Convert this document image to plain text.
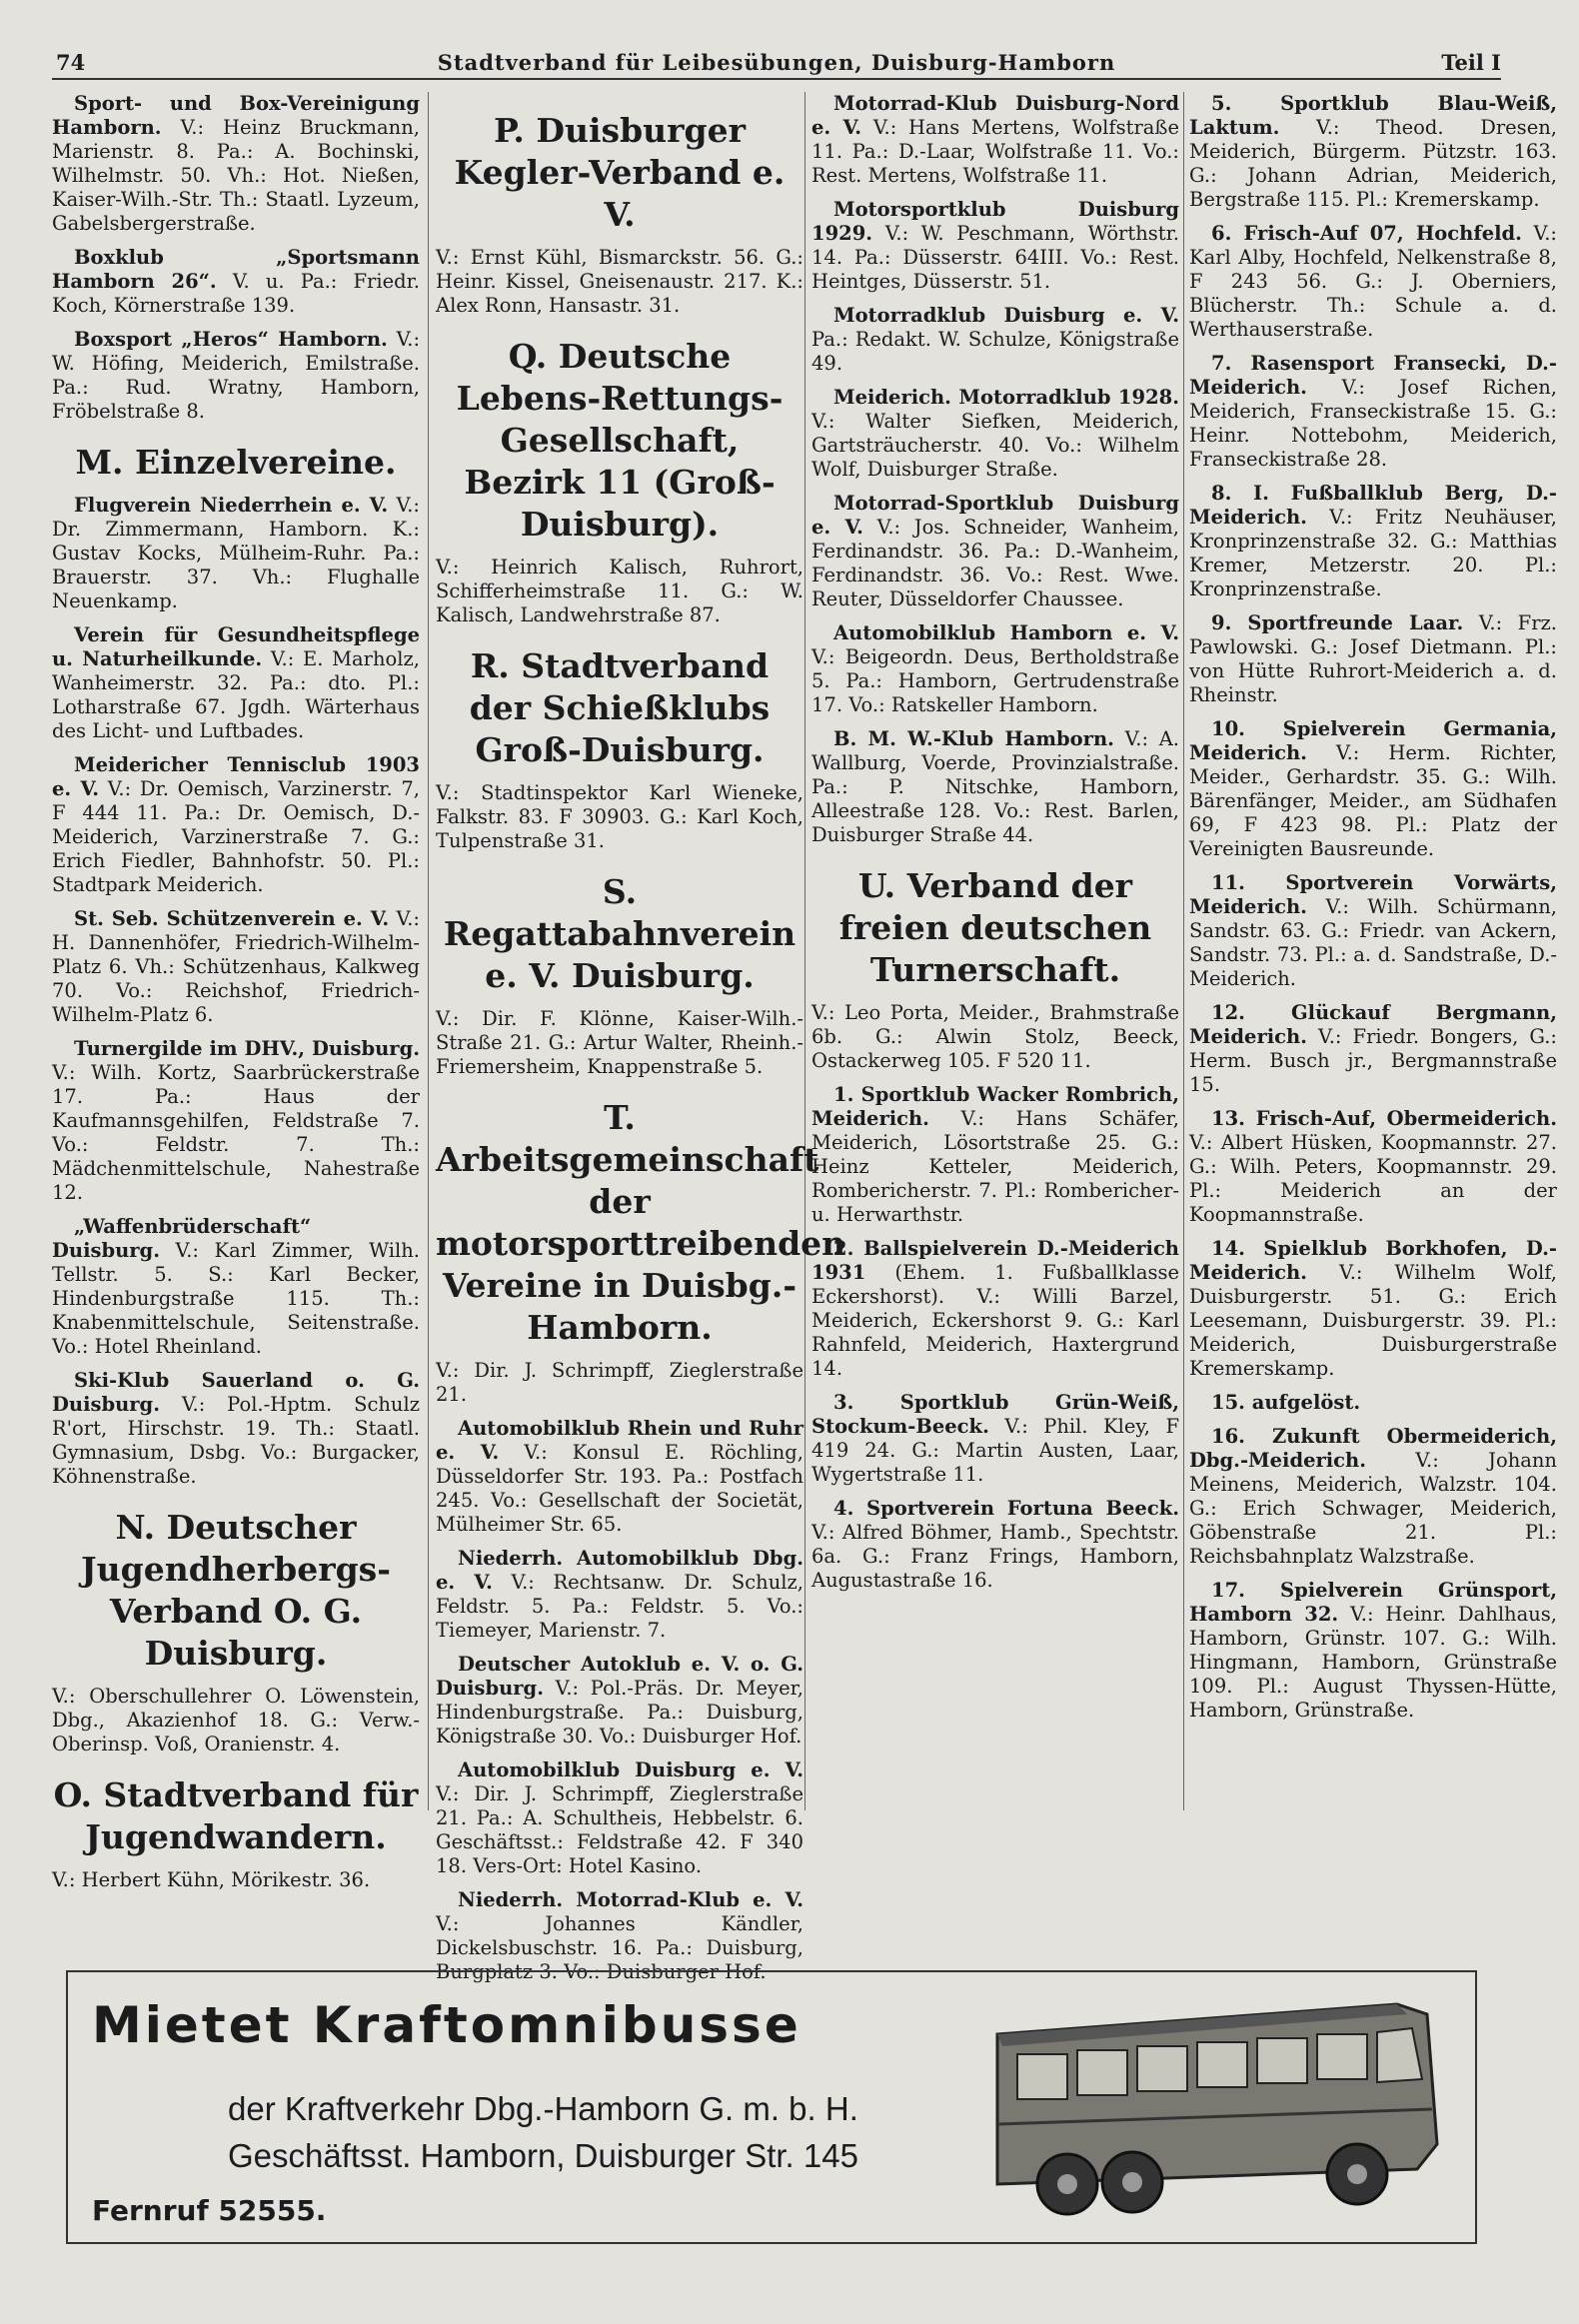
74	Stadtverband für Leibesübungen, Duisburg-Hamborn	Teil I
Sport- und Box-Vereinigung Hamborn. V.: Heinz Bruckmann, Marienstr. 8. Pa.: A. Bochinski, Wilhelmstr. 50. Vh.: Hot. Nießen, Kaiser-Wilh.-Str. Th.: Staatl. Lyzeum, Gabelsbergerstraße.
Boxklub „Sportsmann Hamborn 26“. V. u. Pa.: Friedr. Koch, Körnerstraße 139.
Boxsport „Heros“ Hamborn. V.: W. Höfing, Meiderich, Emilstraße. Pa.: Rud. Wratny, Hamborn, Fröbelstraße 8.
M. Einzelvereine.
Flugverein Niederrhein e. V. V.: Dr. Zimmermann, Hamborn. K.: Gustav Kocks, Mülheim-Ruhr. Pa.: Brauerstr. 37. Vh.: Flughalle Neuenkamp.
Verein für Gesundheitspflege u. Naturheilkunde. V.: E. Marholz, Wanheimerstr. 32. Pa.: dto. Pl.: Lotharstraße 67. Jgdh. Wärterhaus des Licht- und Luftbades.
Meidericher Tennisclub 1903 e. V. V.: Dr. Oemisch, Varzinerstr. 7, F 444 11. Pa.: Dr. Oemisch, D.-Meiderich, Varzinerstraße 7. G.: Erich Fiedler, Bahnhofstr. 50. Pl.: Stadtpark Meiderich.
St. Seb. Schützenverein e. V. V.: H. Dannenhöfer, Friedrich-Wilhelm-Platz 6. Vh.: Schützenhaus, Kalkweg 70. Vo.: Reichshof, Friedrich-Wilhelm-Platz 6.
Turnergilde im DHV., Duisburg. V.: Wilh. Kortz, Saarbrückerstraße 17. Pa.: Haus der Kaufmannsgehilfen, Feldstraße 7. Vo.: Feldstr. 7. Th.: Mädchenmittelschule, Nahestraße 12.
„Waffenbrüderschaft“ Duisburg. V.: Karl Zimmer, Wilh. Tellstr. 5. S.: Karl Becker, Hindenburgstraße 115. Th.: Knabenmittelschule, Seitenstraße. Vo.: Hotel Rheinland.
Ski-Klub Sauerland o. G. Duisburg. V.: Pol.-Hptm. Schulz R'ort, Hirschstr. 19. Th.: Staatl. Gymnasium, Dsbg. Vo.: Burgacker, Köhnenstraße.
N. Deutscher Jugendherbergs-Verband O. G. Duisburg.
V.: Oberschullehrer O. Löwenstein, Dbg., Akazienhof 18. G.: Verw.-Oberinsp. Voß, Oranienstr. 4.
O. Stadtverband für Jugendwandern.
V.: Herbert Kühn, Mörikestr. 36.
P. Duisburger Kegler-Verband e. V.
V.: Ernst Kühl, Bismarckstr. 56. G.: Heinr. Kissel, Gneisenaustr. 217. K.: Alex Ronn, Hansastr. 31.
Q. Deutsche Lebens-Rettungs-Gesellschaft, Bezirk 11 (Groß-Duisburg).
V.: Heinrich Kalisch, Ruhrort, Schifferheimstraße 11. G.: W. Kalisch, Landwehrstraße 87.
R. Stadtverband der Schießklubs Groß-Duisburg.
V.: Stadtinspektor Karl Wieneke, Falkstr. 83. F 30903. G.: Karl Koch, Tulpenstraße 31.
S. Regattabahnverein e. V. Duisburg.
V.: Dir. F. Klönne, Kaiser-Wilh.-Straße 21. G.: Artur Walter, Rheinh.-Friemersheim, Knappenstraße 5.
T. Arbeitsgemeinschaft der motorsporttreibenden Vereine in Duisbg.-Hamborn.
V.: Dir. J. Schrimpff, Zieglerstraße 21.
Automobilklub Rhein und Ruhr e. V. V.: Konsul E. Röchling, Düsseldorfer Str. 193. Pa.: Postfach 245. Vo.: Gesellschaft der Societät, Mülheimer Str. 65.
Niederrh. Automobilklub Dbg. e. V. V.: Rechtsanw. Dr. Schulz, Feldstr. 5. Pa.: Feldstr. 5. Vo.: Tiemeyer, Marienstr. 7.
Deutscher Autoklub e. V. o. G. Duisburg. V.: Pol.-Präs. Dr. Meyer, Hindenburgstraße. Pa.: Duisburg, Königstraße 30. Vo.: Duisburger Hof.
Automobilklub Duisburg e. V. V.: Dir. J. Schrimpff, Zieglerstraße 21. Pa.: A. Schultheis, Hebbelstr. 6. Geschäftsst.: Feldstraße 42. F 340 18. Vers-Ort: Hotel Kasino.
Niederrh. Motorrad-Klub e. V. V.: Johannes Kändler, Dickelsbuschstr. 16. Pa.: Duisburg, Burgplatz 3. Vo.: Duisburger Hof.
Motorrad-Klub Duisburg-Nord e. V. V.: Hans Mertens, Wolfstraße 11. Pa.: D.-Laar, Wolfstraße 11. Vo.: Rest. Mertens, Wolfstraße 11.
Motorsportklub Duisburg 1929. V.: W. Peschmann, Wörthstr. 14. Pa.: Düsserstr. 64III. Vo.: Rest. Heintges, Düsserstr. 51.
Motorradklub Duisburg e. V. Pa.: Redakt. W. Schulze, Königstraße 49.
Meiderich. Motorradklub 1928. V.: Walter Siefken, Meiderich, Gartsträucherstr. 40. Vo.: Wilhelm Wolf, Duisburger Straße.
Motorrad-Sportklub Duisburg e. V. V.: Jos. Schneider, Wanheim, Ferdinandstr. 36. Pa.: D.-Wanheim, Ferdinandstr. 36. Vo.: Rest. Wwe. Reuter, Düsseldorfer Chaussee.
Automobilklub Hamborn e. V. V.: Beigeordn. Deus, Bertholdstraße 5. Pa.: Hamborn, Gertrudenstraße 17. Vo.: Ratskeller Hamborn.
B. M. W.-Klub Hamborn. V.: A. Wallburg, Voerde, Provinzialstraße. Pa.: P. Nitschke, Hamborn, Alleestraße 128. Vo.: Rest. Barlen, Duisburger Straße 44.
U. Verband der freien deutschen Turnerschaft.
V.: Leo Porta, Meider., Brahmstraße 6b. G.: Alwin Stolz, Beeck, Ostackerweg 105. F 520 11.
1. Sportklub Wacker Rombrich, Meiderich. V.: Hans Schäfer, Meiderich, Lösortstraße 25. G.: Heinz Ketteler, Meiderich, Rombericherstr. 7. Pl.: Rombericher- u. Herwarthstr.
2. Ballspielverein D.-Meiderich 1931 (Ehem. 1. Fußballklasse Eckershorst). V.: Willi Barzel, Meiderich, Eckershorst 9. G.: Karl Rahnfeld, Meiderich, Haxtergrund 14.
3. Sportklub Grün-Weiß, Stockum-Beeck. V.: Phil. Kley, F 419 24. G.: Martin Austen, Laar, Wygertstraße 11.
4. Sportverein Fortuna Beeck. V.: Alfred Böhmer, Hamb., Spechtstr. 6a. G.: Franz Frings, Hamborn, Augustastraße 16.
5. Sportklub Blau-Weiß, Laktum. V.: Theod. Dresen, Meiderich, Bürgerm. Pützstr. 163. G.: Johann Adrian, Meiderich, Bergstraße 115. Pl.: Kremerskamp.
6. Frisch-Auf 07, Hochfeld. V.: Karl Alby, Hochfeld, Nelkenstraße 8, F 243 56. G.: J. Oberniers, Blücherstr. Th.: Schule a. d. Werthauserstraße.
7. Rasensport Fransecki, D.-Meiderich. V.: Josef Richen, Meiderich, Franseckistraße 15. G.: Heinr. Nottebohm, Meiderich, Franseckistraße 28.
8. I. Fußballklub Berg, D.-Meiderich. V.: Fritz Neuhäuser, Kronprinzenstraße 32. G.: Matthias Kremer, Metzerstr. 20. Pl.: Kronprinzenstraße.
9. Sportfreunde Laar. V.: Frz. Pawlowski. G.: Josef Dietmann. Pl.: von Hütte Ruhrort-Meiderich a. d. Rheinstr.
10. Spielverein Germania, Meiderich. V.: Herm. Richter, Meider., Gerhardstr. 35. G.: Wilh. Bärenfänger, Meider., am Südhafen 69, F 423 98. Pl.: Platz der Vereinigten Bausreunde.
11. Sportverein Vorwärts, Meiderich. V.: Wilh. Schürmann, Sandstr. 63. G.: Friedr. van Ackern, Sandstr. 73. Pl.: a. d. Sandstraße, D.-Meiderich.
12. Glückauf Bergmann, Meiderich. V.: Friedr. Bongers, G.: Herm. Busch jr., Bergmannstraße 15.
13. Frisch-Auf, Obermeiderich. V.: Albert Hüsken, Koopmannstr. 27. G.: Wilh. Peters, Koopmannstr. 29. Pl.: Meiderich an der Koopmannstraße.
14. Spielklub Borkhofen, D.-Meiderich. V.: Wilhelm Wolf, Duisburgerstr. 51. G.: Erich Leesemann, Duisburgerstr. 39. Pl.: Meiderich, Duisburgerstraße Kremerskamp.
15. aufgelöst.
16. Zukunft Obermeiderich, Dbg.-Meiderich. V.: Johann Meinens, Meiderich, Walzstr. 104. G.: Erich Schwager, Meiderich, Göbenstraße 21. Pl.: Reichsbahnplatz Walzstraße.
17. Spielverein Grünsport, Hamborn 32. V.: Heinr. Dahlhaus, Hamborn, Grünstr. 107. G.: Wilh. Hingmann, Hamborn, Grünstraße 109. Pl.: August Thyssen-Hütte, Hamborn, Grünstraße.
Mietet Kraftomnibusse
der Kraftverkehr Dbg.-Hamborn G. m. b. H.
Geschäftsst. Hamborn, Duisburger Str. 145
Fernruf 52555.
